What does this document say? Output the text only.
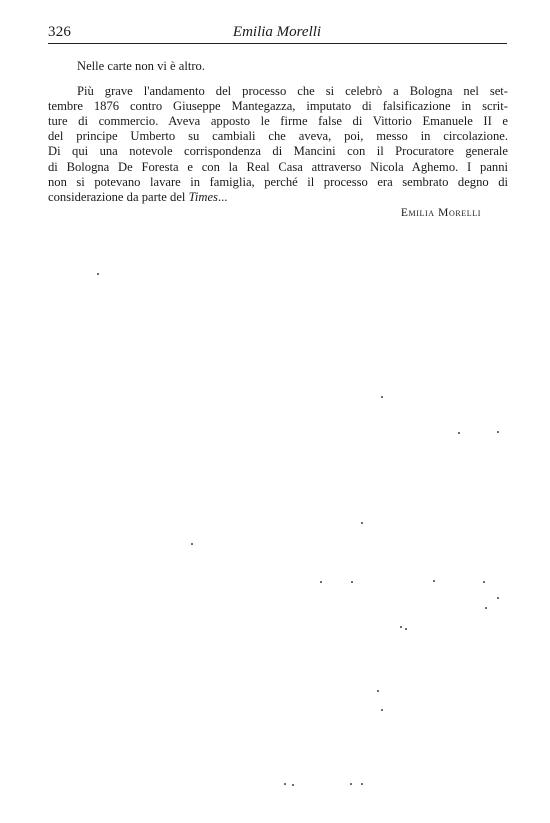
326	Emilia Morelli

Nelle carte non vi è altro.

Più grave l'andamento del processo che si celebrò a Bologna nel set-
tembre 1876 contro Giuseppe Mantegazza, imputato di falsificazione in scrit-
ture di commercio. Aveva apposto le firme false di Vittorio Emanuele II e
del principe Umberto su cambiali che aveva, poi, messo in circolazione.
Di qui una notevole corrispondenza di Mancini con il Procuratore generale
di Bologna De Foresta e con la Real Casa attraverso Nicola Aghemo. I panni
non si potevano lavare in famiglia, perché il processo era sembrato degno di
considerazione da parte del Times...

Emilia Morelli
